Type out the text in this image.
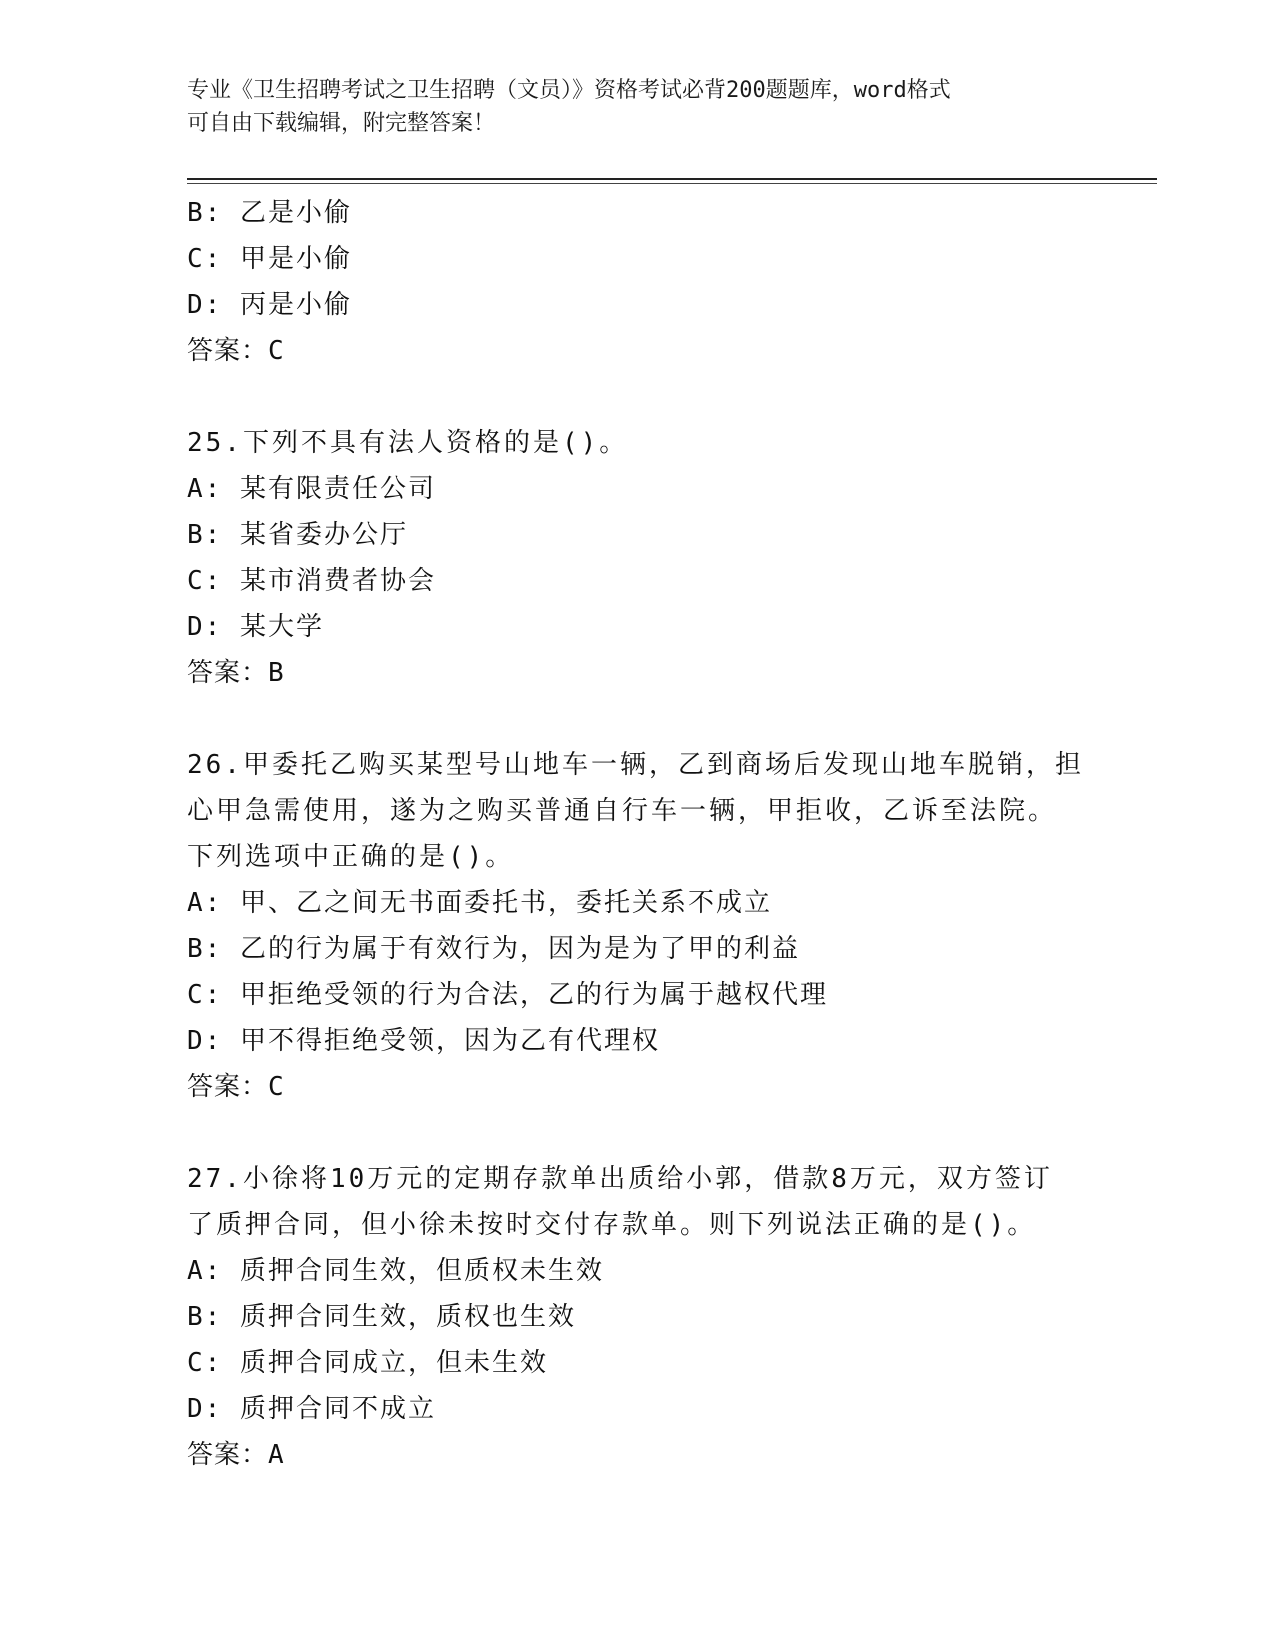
专业《卫生招聘考试之卫生招聘（文员）》资格考试必背200题题库，word格式
可自由下载编辑，附完整答案！
B: 乙是小偷
C: 甲是小偷
D: 丙是小偷
答案：C
25.下列不具有法人资格的是()。
A: 某有限责任公司
B: 某省委办公厅
C: 某市消费者协会
D: 某大学
答案：B
26.甲委托乙购买某型号山地车一辆，乙到商场后发现山地车脱销，担
心甲急需使用，遂为之购买普通自行车一辆，甲拒收，乙诉至法院。
下列选项中正确的是()。
A: 甲、乙之间无书面委托书，委托关系不成立
B: 乙的行为属于有效行为，因为是为了甲的利益
C: 甲拒绝受领的行为合法，乙的行为属于越权代理
D: 甲不得拒绝受领，因为乙有代理权
答案：C
27.小徐将10万元的定期存款单出质给小郭，借款8万元，双方签订
了质押合同，但小徐未按时交付存款单。则下列说法正确的是()。
A: 质押合同生效，但质权未生效
B: 质押合同生效，质权也生效
C: 质押合同成立，但未生效
D: 质押合同不成立
答案：A
